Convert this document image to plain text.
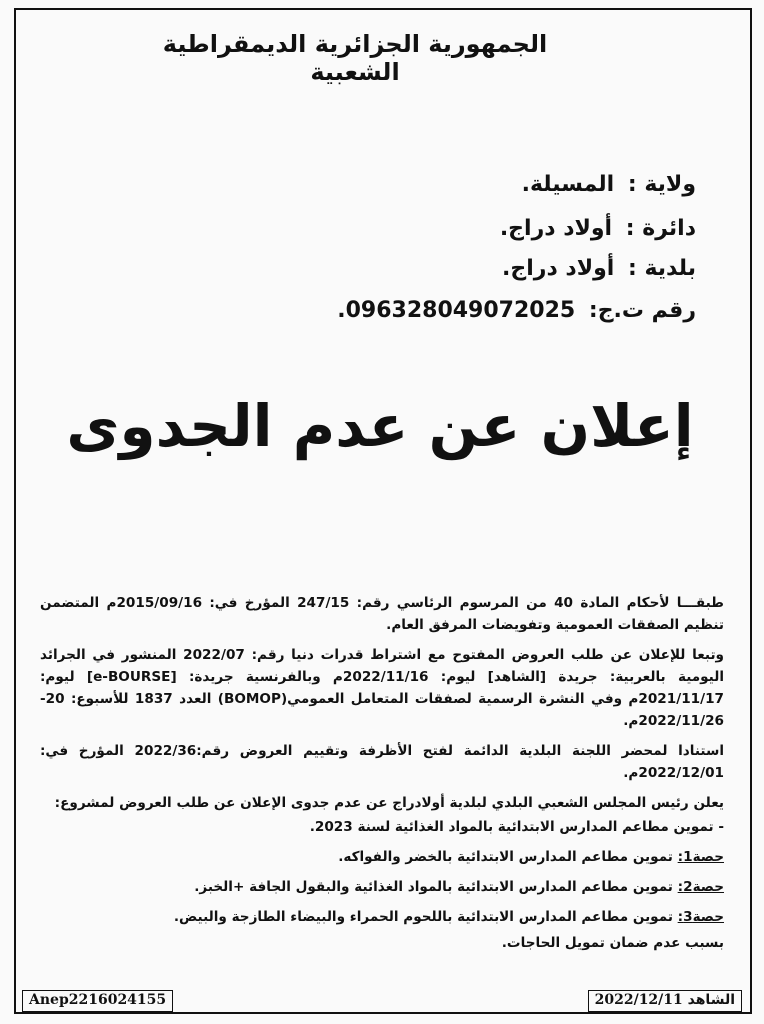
الجمهورية الجزائرية الديمقراطية الشعبية
ولاية : المسيلة.
دائرة : أولاد دراج.
بلدية : أولاد دراج.
رقم ت.ج: 096328049072025.
إعلان عن عدم الجدوى

طبقـــا لأحكام المادة 40 من المرسوم الرئاسي رقم: 247/15 المؤرخ في: 2015/09/16م المتضمن تنظيم الصفقات العمومية وتفويضات المرفق العام.

وتبعا للإعلان عن طلب العروض المفتوح مع اشتراط قدرات دنيا رقم: 2022/07 المنشور في الجرائد اليومية بالعربية: جريدة [الشاهد] ليوم: 2022/11/16م وبالفرنسية جريدة: [e-BOURSE] ليوم: 2021/11/17م وفي النشرة الرسمية لصفقات المتعامل العمومي(BOMOP) العدد 1837 للأسبوع: 20-2022/11/26م.

استنادا لمحضر اللجنة البلدية الدائمة لفتح الأظرفة وتقييم العروض رقم:2022/36 المؤرخ في: 2022/12/01م.

يعلن رئيس المجلس الشعبي البلدي لبلدية أولادراج عن عدم جدوى الإعلان عن طلب العروض لمشروع:

- تموين مطاعم المدارس الابتدائية بالمواد الغذائية لسنة 2023.

حصة1: تموين مطاعم المدارس الابتدائية بالخضر والفواكه.

حصة2: تموين مطاعم المدارس الابتدائية بالمواد الغذائية والبقول الجافة +الخبز.

حصة3: تموين مطاعم المدارس الابتدائية باللحوم الحمراء والبيضاء الطازجة والبيض.

بسبب عدم ضمان تمويل الحاجات.

Anep2216024155	الشاهد 2022/12/11
